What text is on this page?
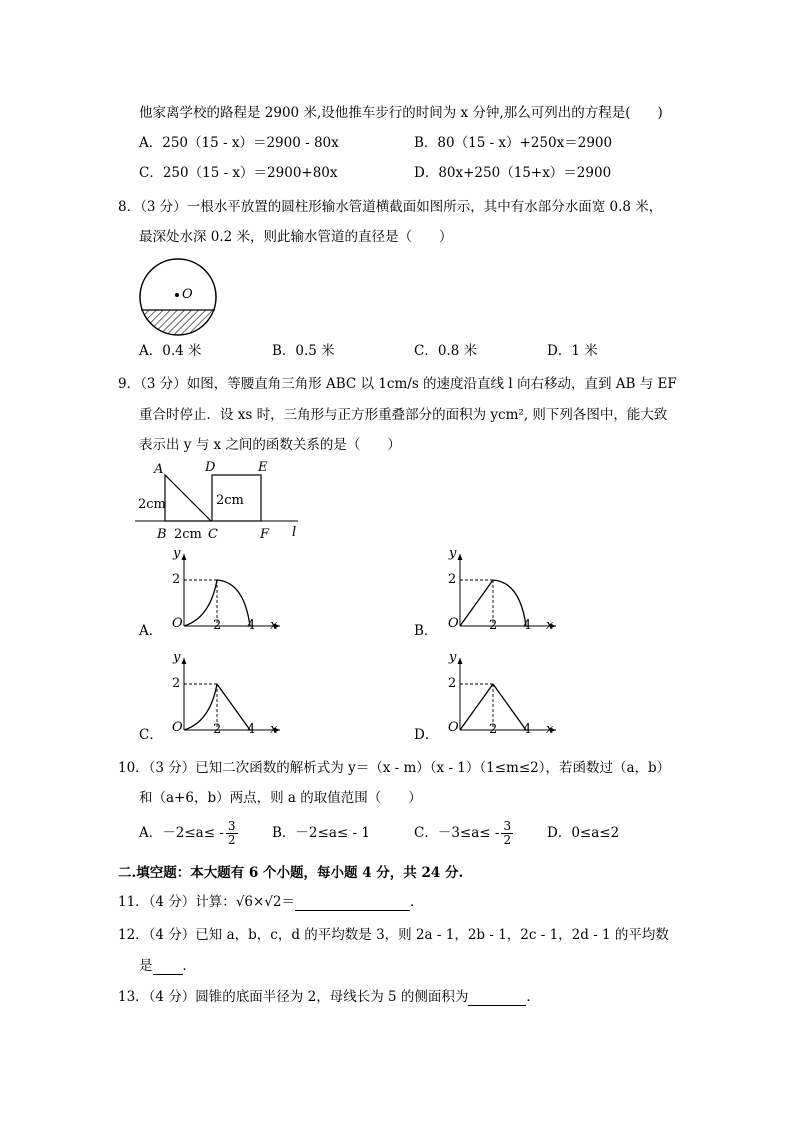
他家离学校的路程是 2900 米,设他推车步行的时间为 x 分钟,那么可列出的方程是(　　)
A．250（15 - x）＝2900 - 80x	B．80（15 - x）+250x＝2900
C．250（15 - x）＝2900+80x	D．80x+250（15+x）＝2900
8．（3 分）一根水平放置的圆柱形输水管道横截面如图所示，其中有水部分水面宽 0.8 米，
最深处水深 0.2 米，则此输水管道的直径是（　　）
O
A．0.4 米	B．0.5 米	C．0.8 米	D．1 米
9．（3 分）如图，等腰直角三角形 ABC 以 1cm/s 的速度沿直线 l 向右移动，直到 AB 与 EF
重合时停止．设 xs 时，三角形与正方形重叠部分的面积为 ycm², 则下列各图中，能大致
表示出 y 与 x 之间的函数关系的是（　　）
A	D	E
2cm	2cm
B 2cm C	F l
y
2
O 2 4 x
A．
y
2
O 2 4 x
B．
y
2
O 2 4 x
C．
y
2
O 2 4 x
D．
10．（3 分）已知二次函数的解析式为 y＝（x - m）（x - 1）（1≤m≤2），若函数过（a，b）
和（a+6，b）两点，则 a 的取值范围（　　）
A．$-2\le a\le - \frac{3}{2}$	B．－2≤a≤ - 1	C．$-3\le a\le - \frac{3}{2}$	D．0≤a≤2
二.填空题：本大题有 6 个小题，每小题 4 分，共 24 分.
11．（4 分）计算：√6×√2＝	．
12．（4 分）已知 a，b，c，d 的平均数是 3，则 2a - 1，2b - 1，2c - 1，2d - 1 的平均数
是 ．
13．（4 分）圆锥的底面半径为 2，母线长为 5 的侧面积为	．
